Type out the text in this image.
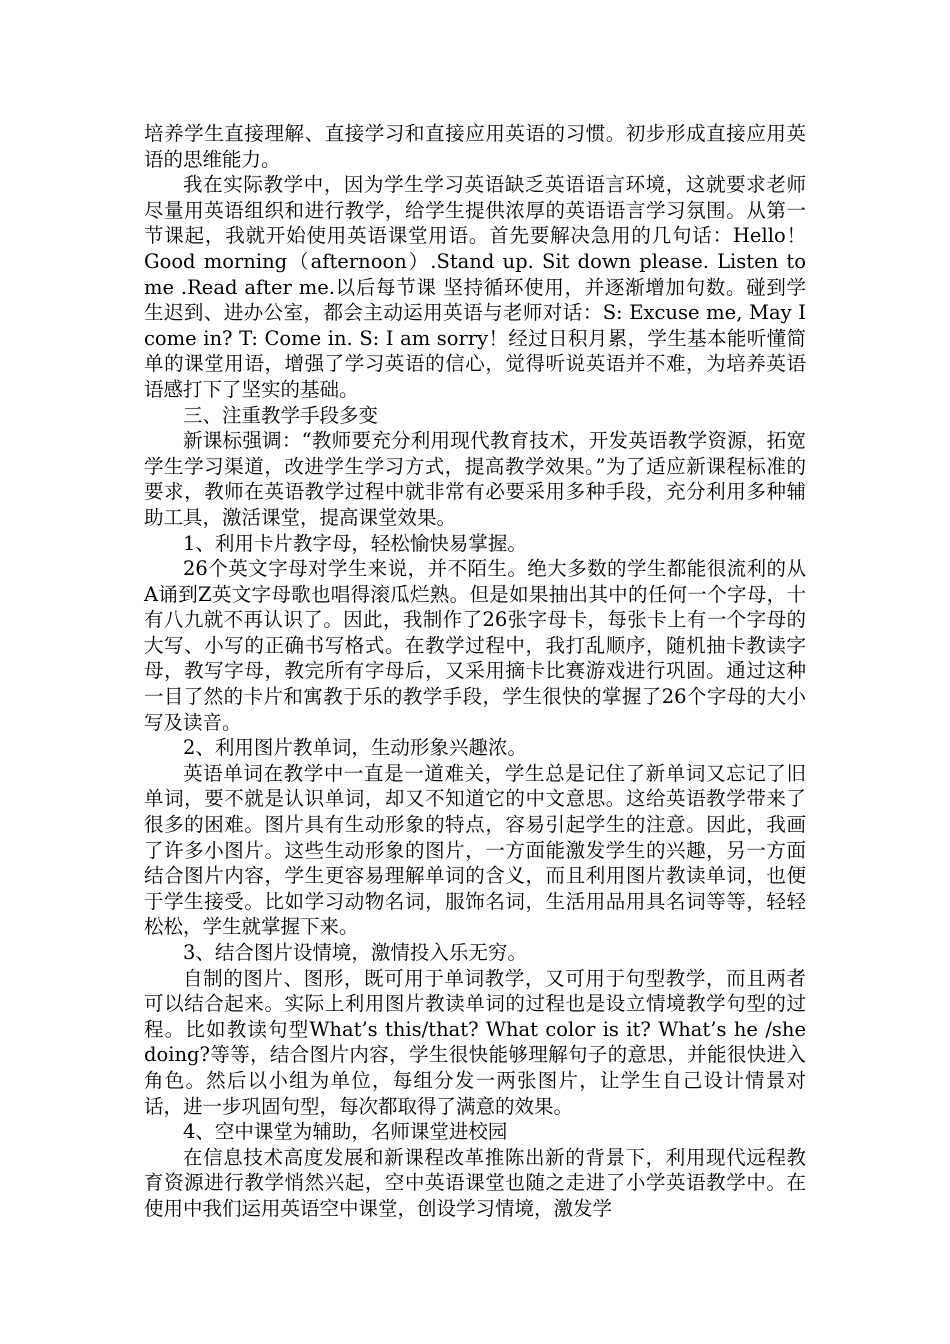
培养学生直接理解、直接学习和直接应用英语的习惯。初步形成直接应用英语的思维能力。

我在实际教学中，因为学生学习英语缺乏英语语言环境，这就要求老师尽量用英语组织和进行教学，给学生提供浓厚的英语语言学习氛围。从第一节课起，我就开始使用英语课堂用语。首先要解决急用的几句话：Hello！Good morning（afternoon）.Stand up. Sit down please. Listen to me .Read after me.以后每节课 坚持循环使用，并逐渐增加句数。碰到学生迟到、进办公室，都会主动运用英语与老师对话：S: Excuse me, May I come in? T: Come in. S: I am sorry！经过日积月累，学生基本能听懂简单的课堂用语，增强了学习英语的信心，觉得听说英语并不难，为培养英语语感打下了坚实的基础。

三、注重教学手段多变

新课标强调：“教师要充分利用现代教育技术，开发英语教学资源，拓宽学生学习渠道，改进学生学习方式，提高教学效果。”为了适应新课程标准的要求，教师在英语教学过程中就非常有必要采用多种手段，充分利用多种辅助工具，激活课堂，提高课堂效果。

1、利用卡片教字母，轻松愉快易掌握。

26个英文字母对学生来说，并不陌生。绝大多数的学生都能很流利的从A诵到Z英文字母歌也唱得滚瓜烂熟。但是如果抽出其中的任何一个字母，十有八九就不再认识了。因此，我制作了26张字母卡，每张卡上有一个字母的大写、小写的正确书写格式。在教学过程中，我打乱顺序，随机抽卡教读字母，教写字母，教完所有字母后，又采用摘卡比赛游戏进行巩固。通过这种一目了然的卡片和寓教于乐的教学手段，学生很快的掌握了26个字母的大小写及读音。

2、利用图片教单词，生动形象兴趣浓。

英语单词在教学中一直是一道难关，学生总是记住了新单词又忘记了旧单词，要不就是认识单词，却又不知道它的中文意思。这给英语教学带来了很多的困难。图片具有生动形象的特点，容易引起学生的注意。因此，我画了许多小图片。这些生动形象的图片，一方面能激发学生的兴趣，另一方面结合图片内容，学生更容易理解单词的含义，而且利用图片教读单词，也便于学生接受。比如学习动物名词，服饰名词，生活用品用具名词等等，轻轻松松，学生就掌握下来。

3、结合图片设情境，激情投入乐无穷。

自制的图片、图形，既可用于单词教学，又可用于句型教学，而且两者可以结合起来。实际上利用图片教读单词的过程也是设立情境教学句型的过程。比如教读句型What’s this/that? What color is it? What’s he /she doing?等等，结合图片内容，学生很快能够理解句子的意思，并能很快进入角色。然后以小组为单位，每组分发一两张图片，让学生自己设计情景对话，进一步巩固句型，每次都取得了满意的效果。

4、空中课堂为辅助，名师课堂进校园

在信息技术高度发展和新课程改革推陈出新的背景下，利用现代远程教育资源进行教学悄然兴起，空中英语课堂也随之走进了小学英语教学中。在使用中我们运用英语空中课堂，创设学习情境，激发学
